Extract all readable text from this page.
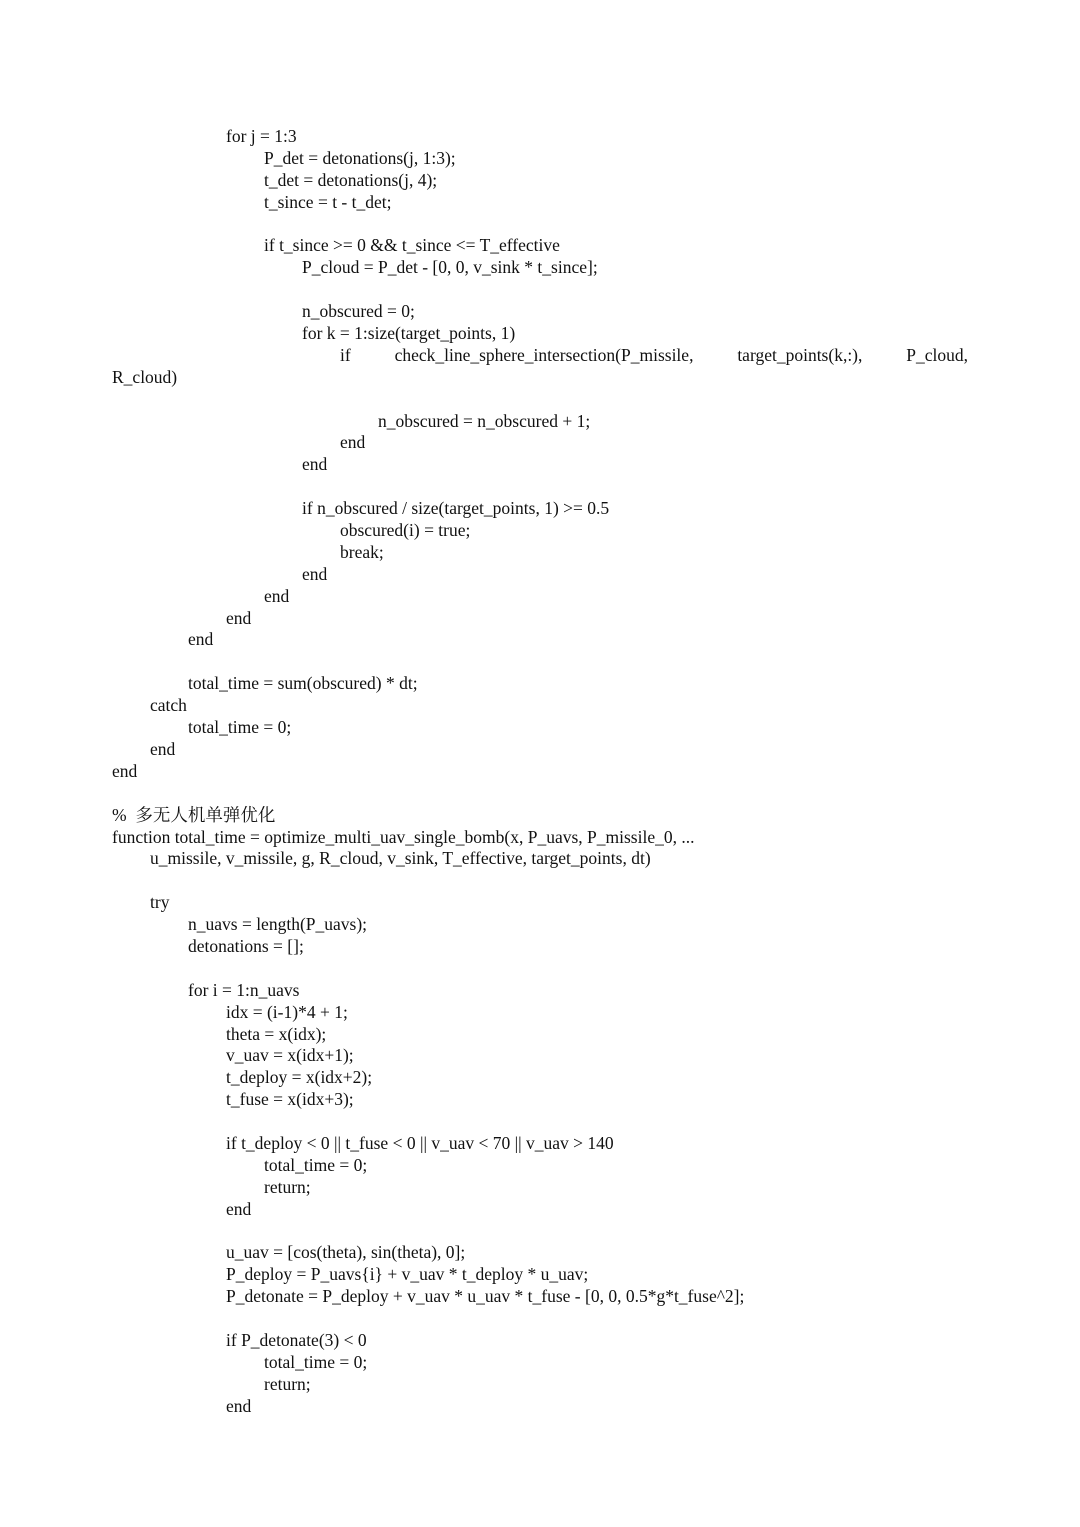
for j = 1:3
P_det = detonations(j, 1:3);
t_det = detonations(j, 4);
t_since = t - t_det;
if t_since >= 0 && t_since <= T_effective
P_cloud = P_det - [0, 0, v_sink * t_since];
n_obscured = 0;
for k = 1:size(target_points, 1)
if	check_line_sphere_intersection(P_missile,	target_points(k,:),	P_cloud,
R_cloud)
n_obscured = n_obscured + 1;
end
end
if n_obscured / size(target_points, 1) >= 0.5
obscured(i) = true;
break;
end
end
end
end
total_time = sum(obscured) * dt;
catch
total_time = 0;
end
end
%  多无人机单弹优化
function total_time = optimize_multi_uav_single_bomb(x, P_uavs, P_missile_0, ...
u_missile, v_missile, g, R_cloud, v_sink, T_effective, target_points, dt)
try
n_uavs = length(P_uavs);
detonations = [];
for i = 1:n_uavs
idx = (i-1)*4 + 1;
theta = x(idx);
v_uav = x(idx+1);
t_deploy = x(idx+2);
t_fuse = x(idx+3);
if t_deploy < 0 || t_fuse < 0 || v_uav < 70 || v_uav > 140
total_time = 0;
return;
end
u_uav = [cos(theta), sin(theta), 0];
P_deploy = P_uavs{i} + v_uav * t_deploy * u_uav;
P_detonate = P_deploy + v_uav * u_uav * t_fuse - [0, 0, 0.5*g*t_fuse^2];
if P_detonate(3) < 0
total_time = 0;
return;
end
